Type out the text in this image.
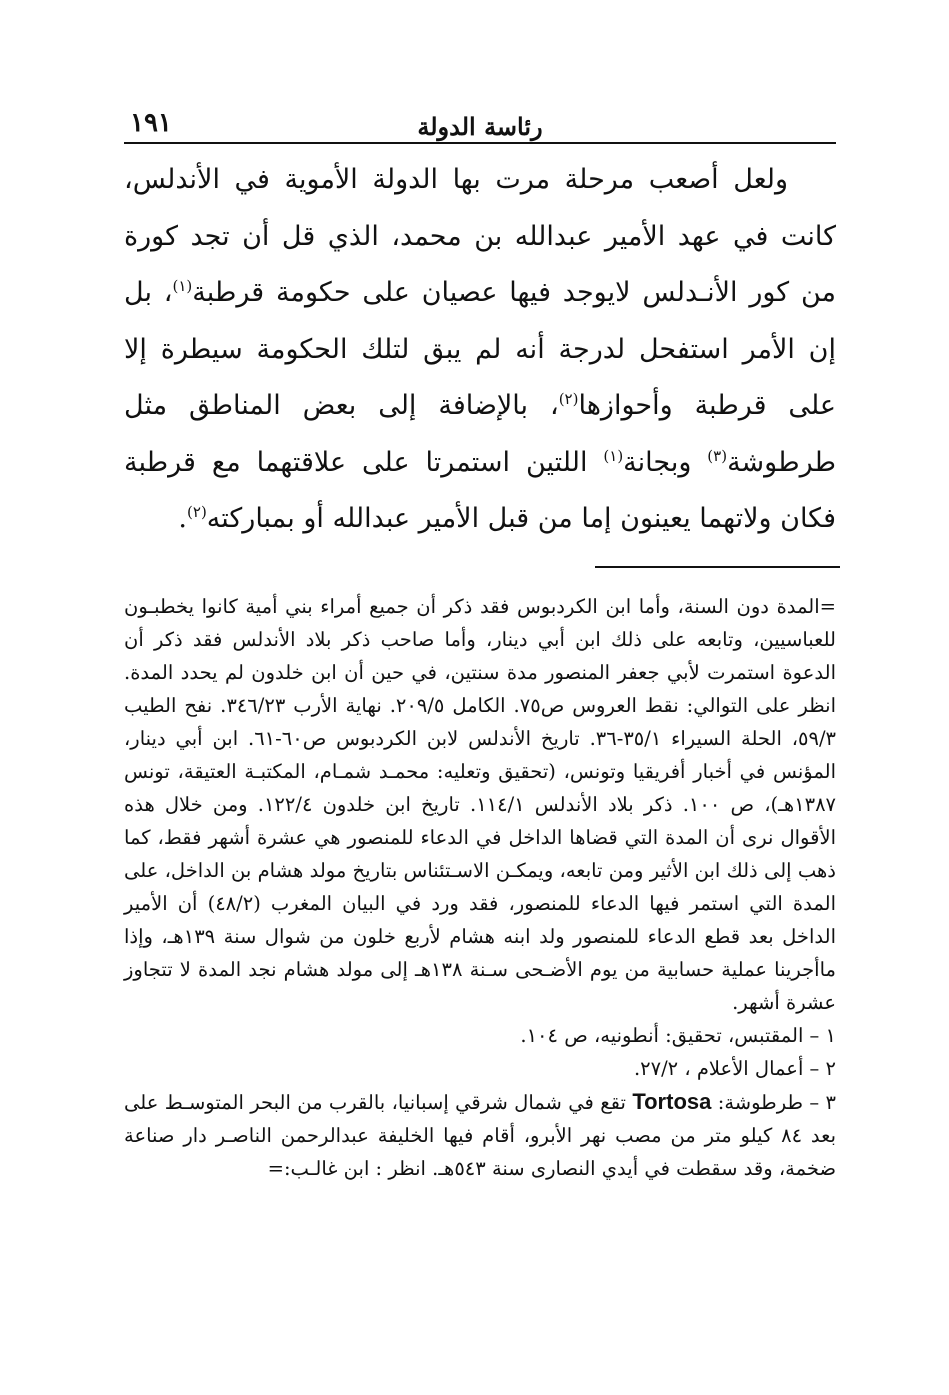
١٩١	رئاسة الدولة

ولعل أصعب مرحلة مرت بها الدولة الأموية في الأندلس، كانت في عهد الأمير عبدالله بن محمد، الذي قل أن تجد كورة من كور الأنـدلس لايوجد فيها عصيان على حكومة قرطبة$^{(١)}$، بل إن الأمر استفحل لدرجة أنه لم يبق لتلك الحكومة سيطرة إلا على قرطبة وأحوازها$^{(٢)}$، بالإضافة إلى بعض المناطق مثل طرطوشة$^{(٣)}$ وبجانة$^{(١)}$ اللتين استمرتا على علاقتهما مع قرطبة فكان ولاتهما يعينون إما من قبل الأمير عبدالله أو بمباركته$^{(٢)}$.

=المدة دون السنة، وأما ابن الكردبوس فقد ذكر أن جميع أمراء بني أمية كانوا يخطبـون للعباسيين، وتابعه على ذلك ابن أبي دينار، وأما صاحب ذكر بلاد الأندلس فقد ذكر أن الدعوة استمرت لأبي جعفر المنصور مدة سنتين، في حين أن ابن خلدون لم يحدد المدة. انظر على التوالي: نقط العروس ص٧٥. الكامل ٢٠٩/٥. نهاية الأرب ٣٤٦/٢٣. نفح الطيب ٥٩/٣، الحلة السيراء ٣٥/١-٣٦. تاريخ الأندلس لابن الكردبوس ص٦٠-٦١. ابن أبي دينار، المؤنس في أخبار أفريقيا وتونس، (تحقيق وتعليه: محمـد شمـام، المكتبـة العتيقة، تونس ١٣٨٧هـ)، ص ١٠٠. ذكر بلاد الأندلس ١١٤/١. تاريخ ابن خلدون ١٢٢/٤. ومن خلال هذه الأقوال نرى أن المدة التي قضاها الداخل في الدعاء للمنصور هي عشرة أشهر فقط، كما ذهب إلى ذلك ابن الأثير ومن تابعه، ويمكـن الاسـتئناس بتاريخ مولد هشام بن الداخل، على المدة التي استمر فيها الدعاء للمنصور، فقد ورد في البيان المغرب (٤٨/٢) أن الأمير الداخل بعد قطع الدعاء للمنصور ولد ابنه هشام لأربع خلون من شوال سنة ١٣٩هـ، وإذا ماأجرينا عملية حسابية من يوم الأضـحى سـنة ١٣٨هـ إلى مولد هشام نجد المدة لا تتجاوز عشرة أشهر.

١ – المقتبس، تحقيق: أنطونيه، ص ١٠٤.

٢ – أعمال الأعلام ، ٢٧/٢.

٣ – طرطوشة: Tortosa تقع في شمال شرقي إسبانيا، بالقرب من البحر المتوسـط على بعد ٨٤ كيلو متر من مصب نهر الأبرو، أقام فيها الخليفة عبدالرحمن الناصـر دار صناعة ضخمة، وقد سقطت في أيدي النصارى سنة ٥٤٣هـ. انظر : ابن غالـب:=
